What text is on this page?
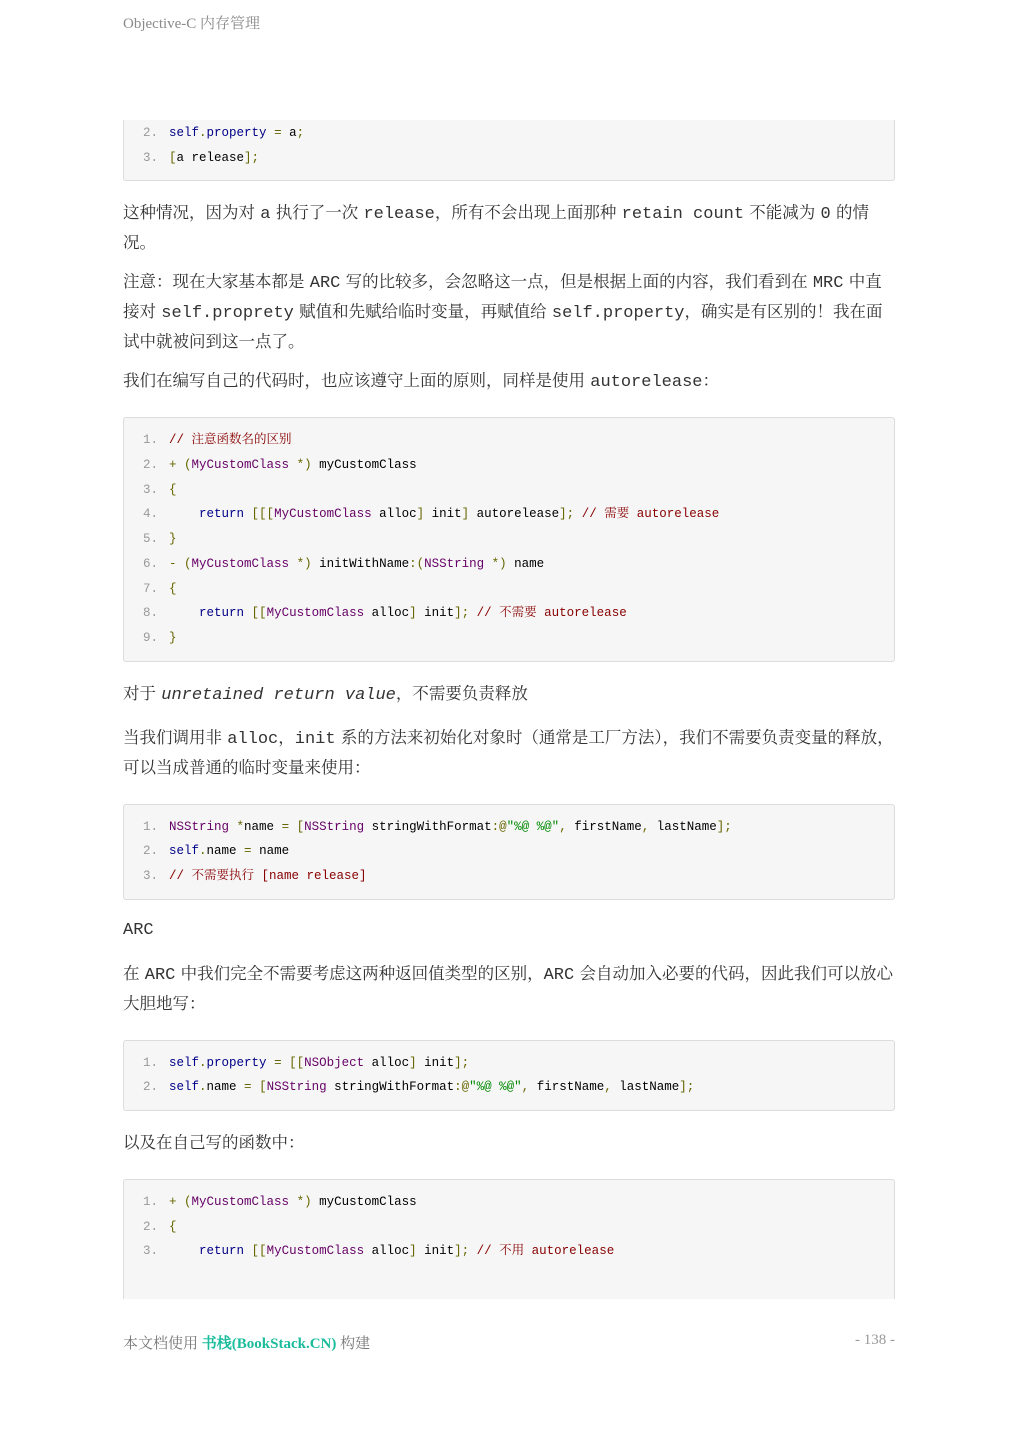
Objective-C 内存管理
2. self.property = a;
3. [a release];

这种情况，因为对 a 执行了一次 release，所有不会出现上面那种 retain count 不能减为 0 的情况。

注意：现在大家基本都是 ARC 写的比较多，会忽略这一点，但是根据上面的内容，我们看到在 MRC 中直接对 self.proprety 赋值和先赋给临时变量，再赋值给 self.property，确实是有区别的！我在面试中就被问到这一点了。

我们在编写自己的代码时，也应该遵守上面的原则，同样是使用 autorelease：

1. // 注意函数名的区别
2. + (MyCustomClass *) myCustomClass
3. {
4.	return [[[MyCustomClass alloc] init] autorelease]; // 需要 autorelease
5. }
6. - (MyCustomClass *) initWithName:(NSString *) name
7. {
8.	return [[MyCustomClass alloc] init]; // 不需要 autorelease
9. }

对于 unretained return value，不需要负责释放

当我们调用非 alloc，init 系的方法来初始化对象时（通常是工厂方法），我们不需要负责变量的释放，可以当成普通的临时变量来使用：

1. NSString *name = [NSString stringWithFormat:@"%@ %@", firstName, lastName];
2. self.name = name
3. // 不需要执行 [name release]

ARC

在 ARC 中我们完全不需要考虑这两种返回值类型的区别，ARC 会自动加入必要的代码，因此我们可以放心大胆地写：

1. self.property = [[NSObject alloc] init];
2. self.name = [NSString stringWithFormat:@"%@ %@", firstName, lastName];

以及在自己写的函数中：

1. + (MyCustomClass *) myCustomClass
2. {
3.	return [[MyCustomClass alloc] init]; // 不用 autorelease
本文档使用 书栈(BookStack.CN) 构建	- 138 -
